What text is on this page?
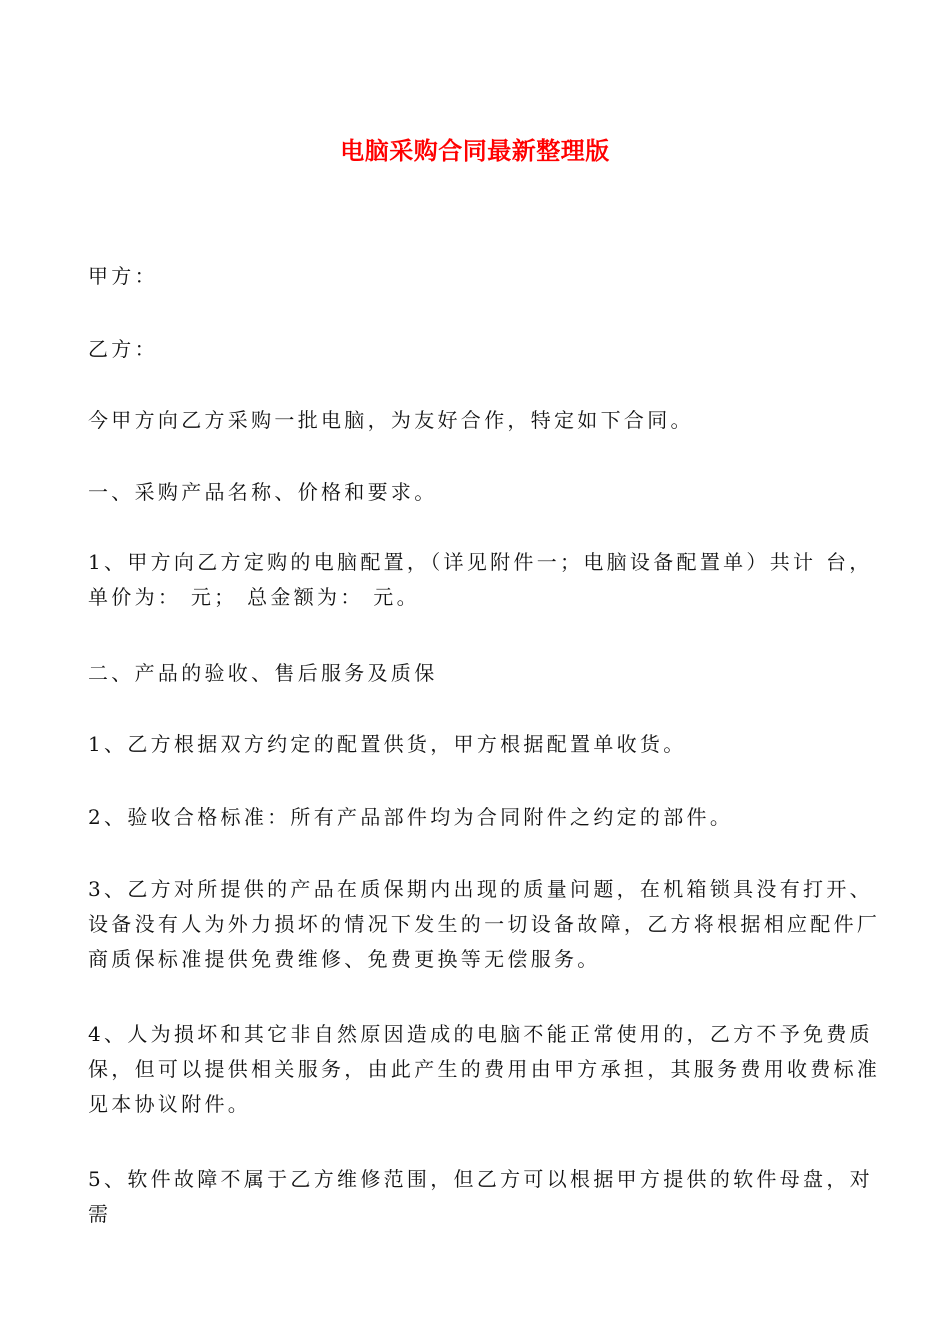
电脑采购合同最新整理版

甲方：

乙方：

今甲方向乙方采购一批电脑，为友好合作，特定如下合同。

一、采购产品名称、价格和要求。

1、甲方向乙方定购的电脑配置，（详见附件一；电脑设备配置单）共计 台，单价为： 元； 总金额为： 元。

二、产品的验收、售后服务及质保

1、乙方根据双方约定的配置供货，甲方根据配置单收货。

2、验收合格标准：所有产品部件均为合同附件之约定的部件。

3、乙方对所提供的产品在质保期内出现的质量问题，在机箱锁具没有打开、设备没有人为外力损坏的情况下发生的一切设备故障，乙方将根据相应配件厂商质保标准提供免费维修、免费更换等无偿服务。

4、人为损坏和其它非自然原因造成的电脑不能正常使用的，乙方不予免费质保，但可以提供相关服务，由此产生的费用由甲方承担，其服务费用收费标准见本协议附件。

5、软件故障不属于乙方维修范围，但乙方可以根据甲方提供的软件母盘，对需
